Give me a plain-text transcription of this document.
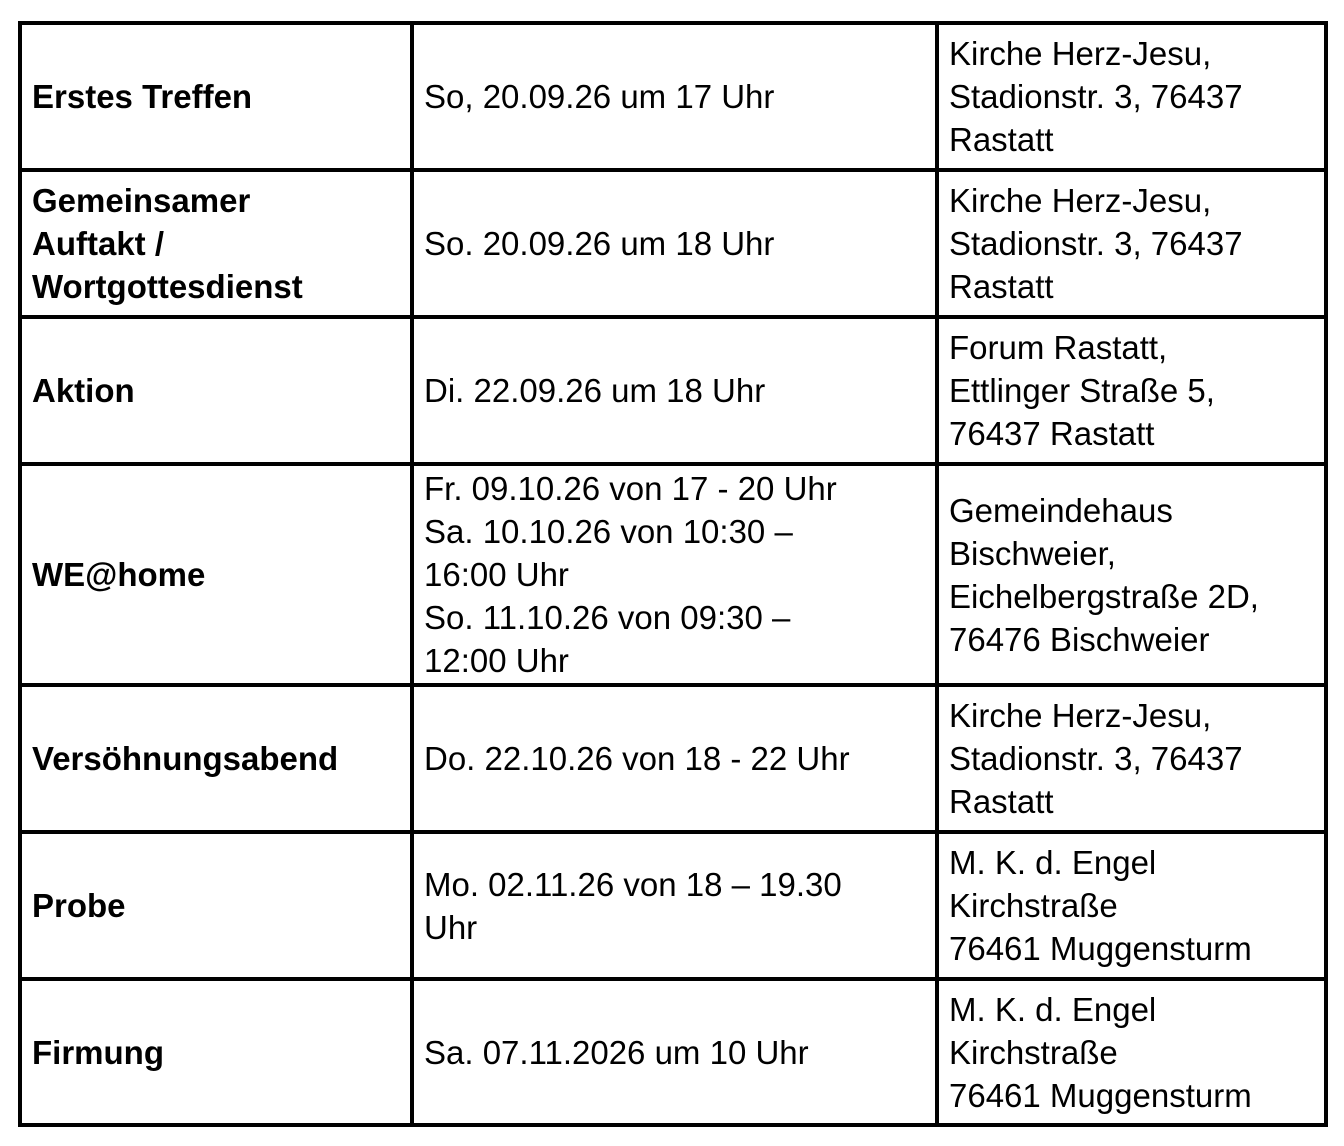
Erstes Treffen	So, 20.09.26 um 17 Uhr	Kirche Herz-Jesu,
Stadionstr. 3, 76437
Rastatt

Gemeinsamer
Auftakt /
Wortgottesdienst	So. 20.09.26 um 18 Uhr	Kirche Herz-Jesu,
Stadionstr. 3, 76437
Rastatt

Aktion	Di. 22.09.26 um 18 Uhr	Forum Rastatt,
Ettlinger Straße 5,
76437 Rastatt

WE@home	Fr. 09.10.26 von 17 - 20 Uhr
Sa. 10.10.26 von 10:30 –
16:00 Uhr
So. 11.10.26 von 09:30 –
12:00 Uhr	Gemeindehaus
Bischweier,
Eichelbergstraße 2D,
76476 Bischweier

Versöhnungsabend	Do. 22.10.26 von 18 - 22 Uhr	Kirche Herz-Jesu,
Stadionstr. 3, 76437
Rastatt

Probe	Mo. 02.11.26 von 18 – 19.30
Uhr	M. K. d. Engel
Kirchstraße
76461 Muggensturm

Firmung	Sa. 07.11.2026 um 10 Uhr	M. K. d. Engel
Kirchstraße
76461 Muggensturm
